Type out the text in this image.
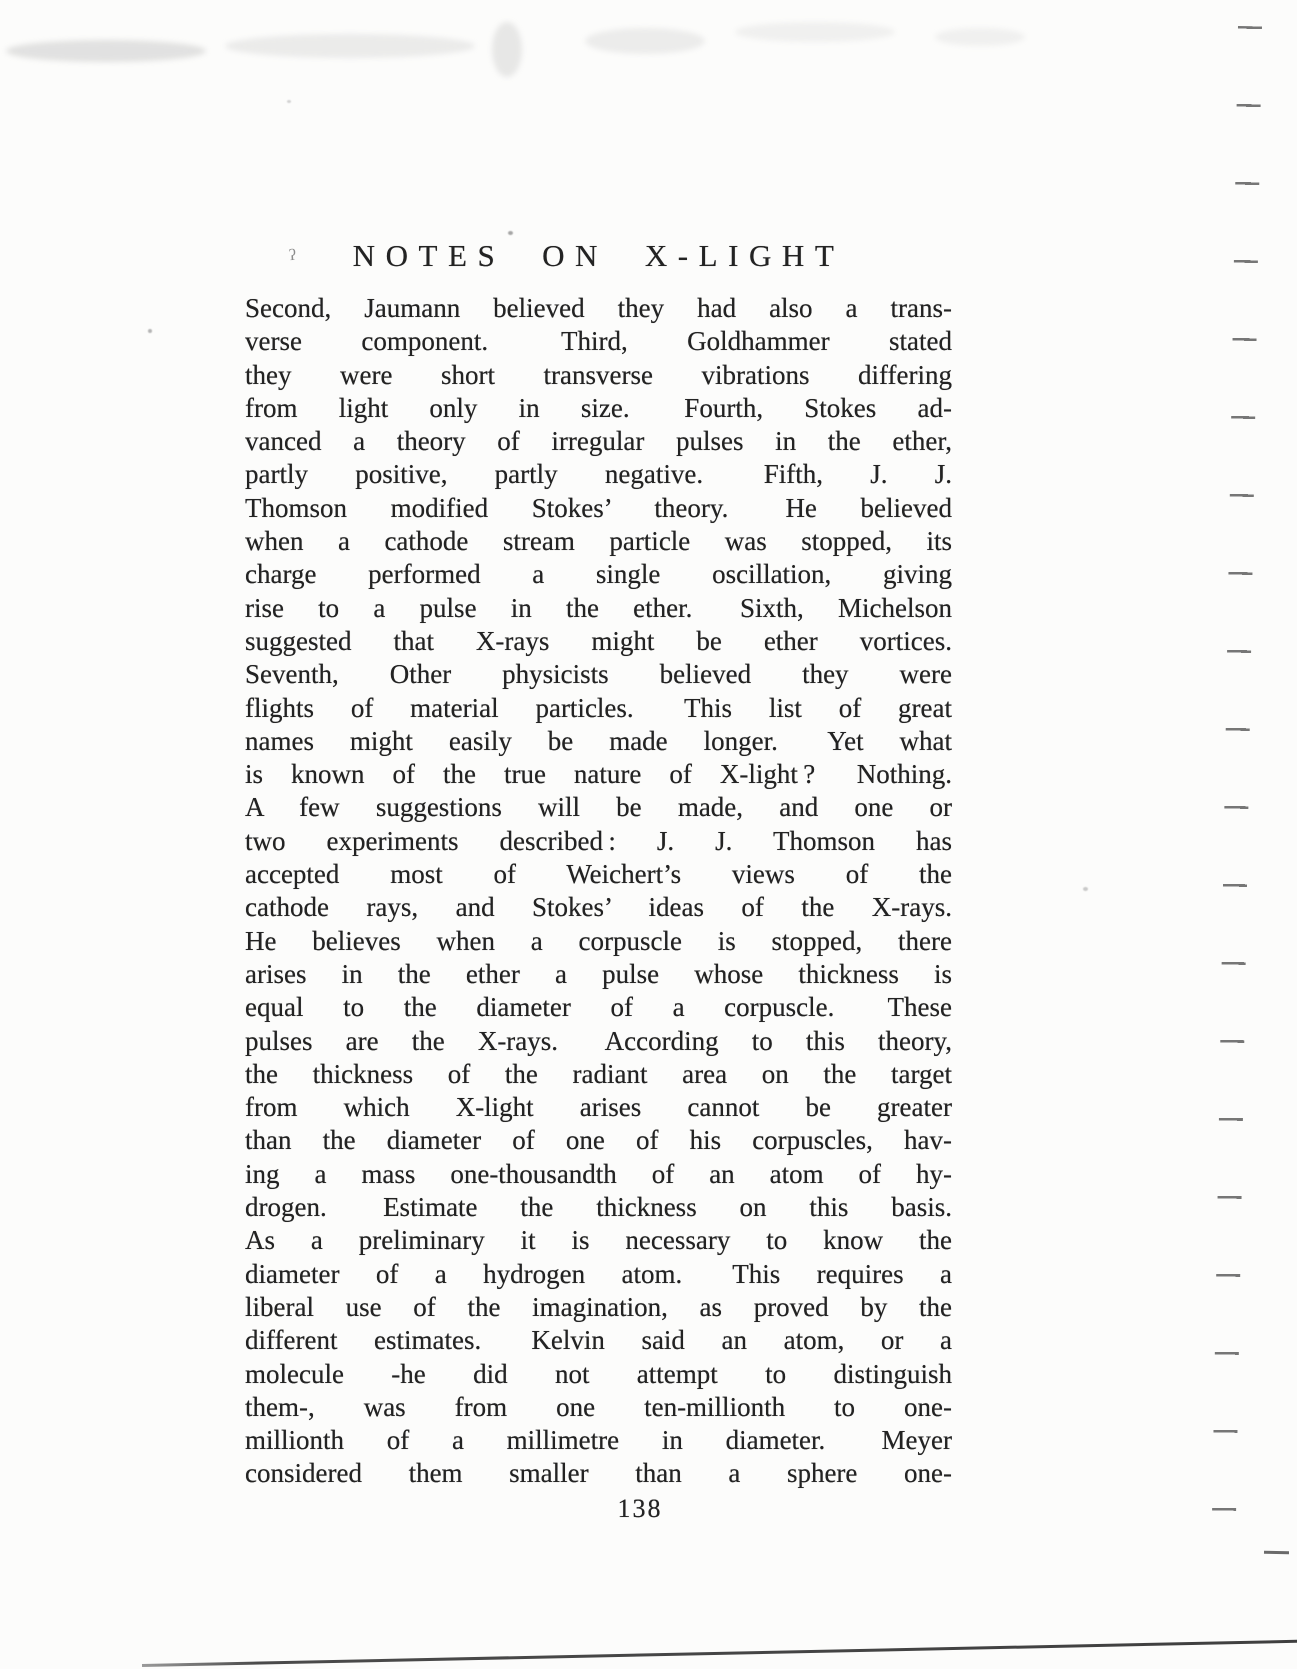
ʔ	NOTES ON X-LIGHT
Second, Jaumann believed they had also a trans-
verse component.  Third, Goldhammer stated
they were short transverse vibrations differing
from light only in size.  Fourth, Stokes ad-
vanced a theory of irregular pulses in the ether,
partly positive, partly negative.  Fifth, J. J.
Thomson modified Stokes’ theory.  He believed
when a cathode stream particle was stopped, its
charge performed a single oscillation, giving
rise to a pulse in the ether.  Sixth, Michelson
suggested that X-rays might be ether vortices.
Seventh, Other physicists believed they were
flights of material particles.  This list of great
names might easily be made longer.  Yet what
is known of the true nature of X-light ?  Nothing.
A few suggestions will be made, and one or
two experiments described : J. J. Thomson has
accepted most of Weichert’s views of the
cathode rays, and Stokes’ ideas of the X-rays.
He believes when a corpuscle is stopped, there
arises in the ether a pulse whose thickness is
equal to the diameter of a corpuscle.  These
pulses are the X-rays.  According to this theory,
the thickness of the radiant area on the target
from which X-light arises cannot be greater
than the diameter of one of his corpuscles, hav-
ing a mass one-thousandth of an atom of hy-
drogen.  Estimate the thickness on this basis.
As a preliminary it is necessary to know the
diameter of a hydrogen atom.  This requires a
liberal use of the imagination, as proved by the
different estimates.  Kelvin said an atom, or a
molecule -he did not attempt to distinguish
them-, was from one ten-millionth to one-
millionth of a millimetre in diameter.  Meyer
considered them smaller than a sphere one-
138
